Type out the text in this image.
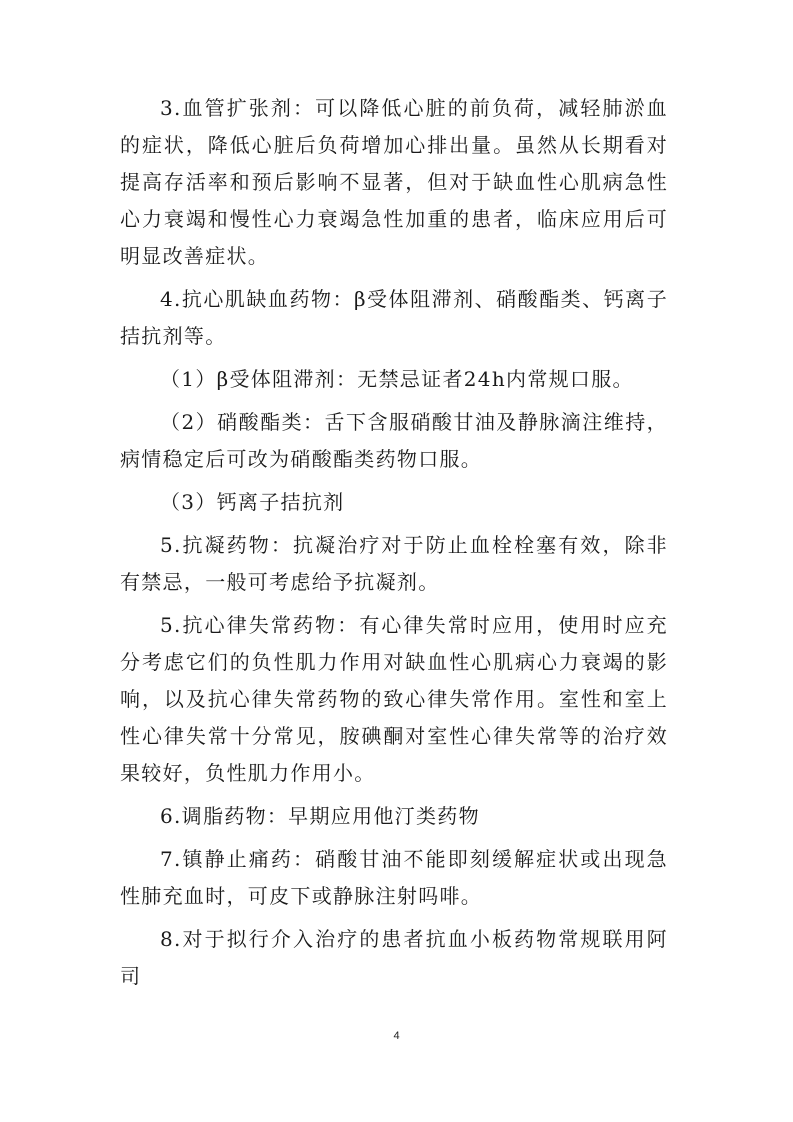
3.血管扩张剂：可以降低心脏的前负荷，减轻肺淤血的症状，降低心脏后负荷增加心排出量。虽然从长期看对提高存活率和预后影响不显著，但对于缺血性心肌病急性心力衰竭和慢性心力衰竭急性加重的患者，临床应用后可明显改善症状。

4.抗心肌缺血药物：β受体阻滞剂、硝酸酯类、钙离子拮抗剂等。

（1）β受体阻滞剂：无禁忌证者24h内常规口服。

（2）硝酸酯类：舌下含服硝酸甘油及静脉滴注维持，病情稳定后可改为硝酸酯类药物口服。

（3）钙离子拮抗剂

5.抗凝药物：抗凝治疗对于防止血栓栓塞有效，除非有禁忌，一般可考虑给予抗凝剂。

5.抗心律失常药物：有心律失常时应用，使用时应充分考虑它们的负性肌力作用对缺血性心肌病心力衰竭的影响，以及抗心律失常药物的致心律失常作用。室性和室上性心律失常十分常见，胺碘酮对室性心律失常等的治疗效果较好，负性肌力作用小。

6.调脂药物：早期应用他汀类药物

7.镇静止痛药：硝酸甘油不能即刻缓解症状或出现急性肺充血时，可皮下或静脉注射吗啡。

8.对于拟行介入治疗的患者抗血小板药物常规联用阿司

4
